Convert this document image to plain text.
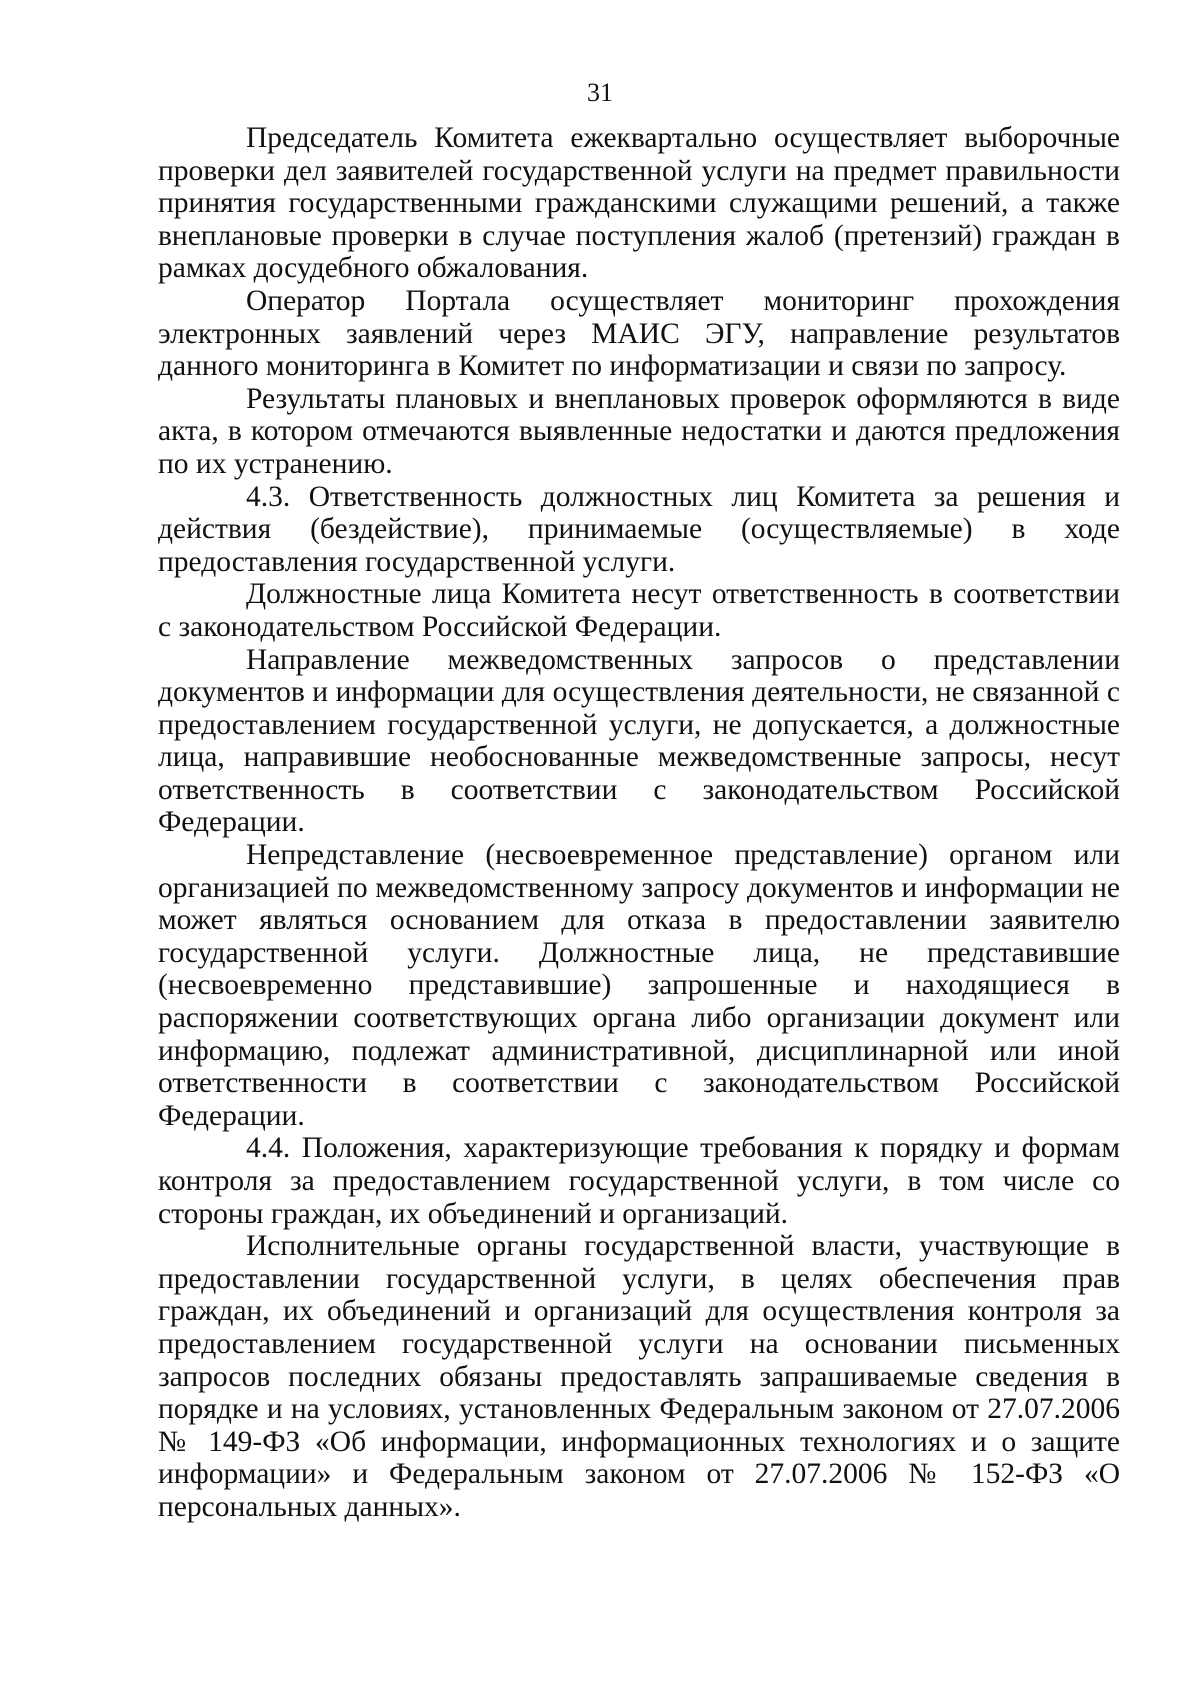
31

Председатель Комитета ежеквартально осуществляет выборочные проверки дел заявителей государственной услуги на предмет правильности принятия государственными гражданскими служащими решений, а также внеплановые проверки в случае поступления жалоб (претензий) граждан в рамках досудебного обжалования.

Оператор Портала осуществляет мониторинг прохождения электронных заявлений через МАИС ЭГУ, направление результатов данного мониторинга в Комитет по информатизации и связи по запросу.

Результаты плановых и внеплановых проверок оформляются в виде акта, в котором отмечаются выявленные недостатки и даются предложения по их устранению.

4.3. Ответственность должностных лиц Комитета за решения и действия (бездействие), принимаемые (осуществляемые) в ходе предоставления государственной услуги.

Должностные лица Комитета несут ответственность в соответствии с законодательством Российской Федерации.

Направление межведомственных запросов о представлении документов и информации для осуществления деятельности, не связанной с предоставлением государственной услуги, не допускается, а должностные лица, направившие необоснованные межведомственные запросы, несут ответственность в соответствии с законодательством Российской Федерации.

Непредставление (несвоевременное представление) органом или организацией по межведомственному запросу документов и информации не может являться основанием для отказа в предоставлении заявителю государственной услуги. Должностные лица, не представившие (несвоевременно представившие) запрошенные и находящиеся в распоряжении соответствующих органа либо организации документ или информацию, подлежат административной, дисциплинарной или иной ответственности в соответствии с законодательством Российской Федерации.

4.4. Положения, характеризующие требования к порядку и формам контроля за предоставлением государственной услуги, в том числе со стороны граждан, их объединений и организаций.

Исполнительные органы государственной власти, участвующие в предоставлении государственной услуги, в целях обеспечения прав граждан, их объединений и организаций для осуществления контроля за предоставлением государственной услуги на основании письменных запросов последних обязаны предоставлять запрашиваемые сведения в порядке и на условиях, установленных Федеральным законом от 27.07.2006 № 149-ФЗ «Об информации, информационных технологиях и о защите информации» и Федеральным законом от 27.07.2006 № 152-ФЗ «О персональных данных».
